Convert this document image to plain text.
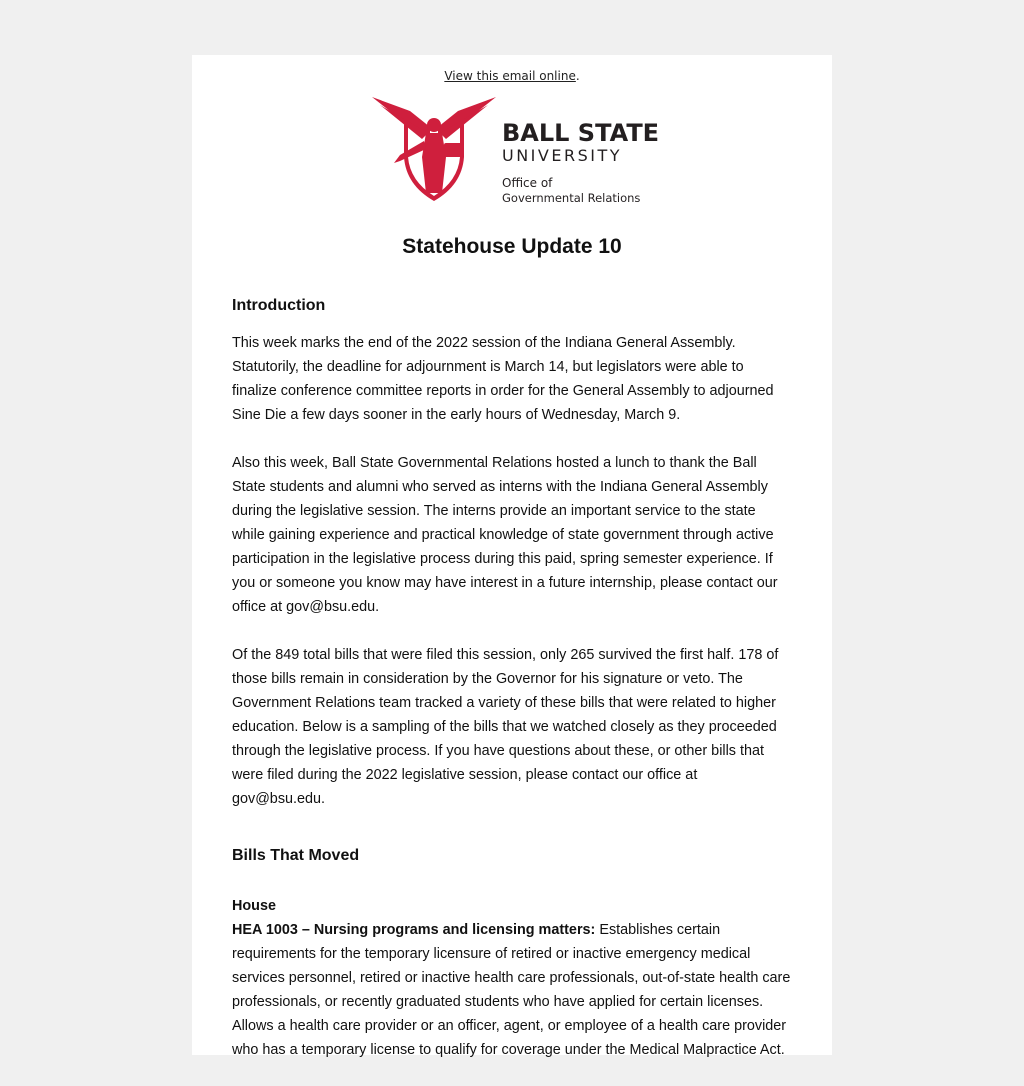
View this email online.
BALL STATE
UNIVERSITY
Office of
Governmental Relations
Statehouse Update 10
Introduction

This week marks the end of the 2022 session of the Indiana General Assembly. Statutorily, the deadline for adjournment is March 14, but legislators were able to finalize conference committee reports in order for the General Assembly to adjourned Sine Die a few days sooner in the early hours of Wednesday, March 9.

Also this week, Ball State Governmental Relations hosted a lunch to thank the Ball State students and alumni who served as interns with the Indiana General Assembly during the legislative session. The interns provide an important service to the state while gaining experience and practical knowledge of state government through active participation in the legislative process during this paid, spring semester experience. If you or someone you know may have interest in a future internship, please contact our office at gov@bsu.edu.

Of the 849 total bills that were filed this session, only 265 survived the first half. 178 of those bills remain in consideration by the Governor for his signature or veto. The Government Relations team tracked a variety of these bills that were related to higher education. Below is a sampling of the bills that we watched closely as they proceeded through the legislative process. If you have questions about these, or other bills that were filed during the 2022 legislative session, please contact our office at gov@bsu.edu.

Bills That Moved
House

HEA 1003 – Nursing programs and licensing matters: Establishes certain requirements for the temporary licensure of retired or inactive emergency medical services personnel, retired or inactive health care professionals, out-of-state health care professionals, or recently graduated students who have applied for certain licenses. Allows a health care provider or an officer, agent, or employee of a health care provider who has a temporary license to qualify for coverage under the Medical Malpractice Act.
